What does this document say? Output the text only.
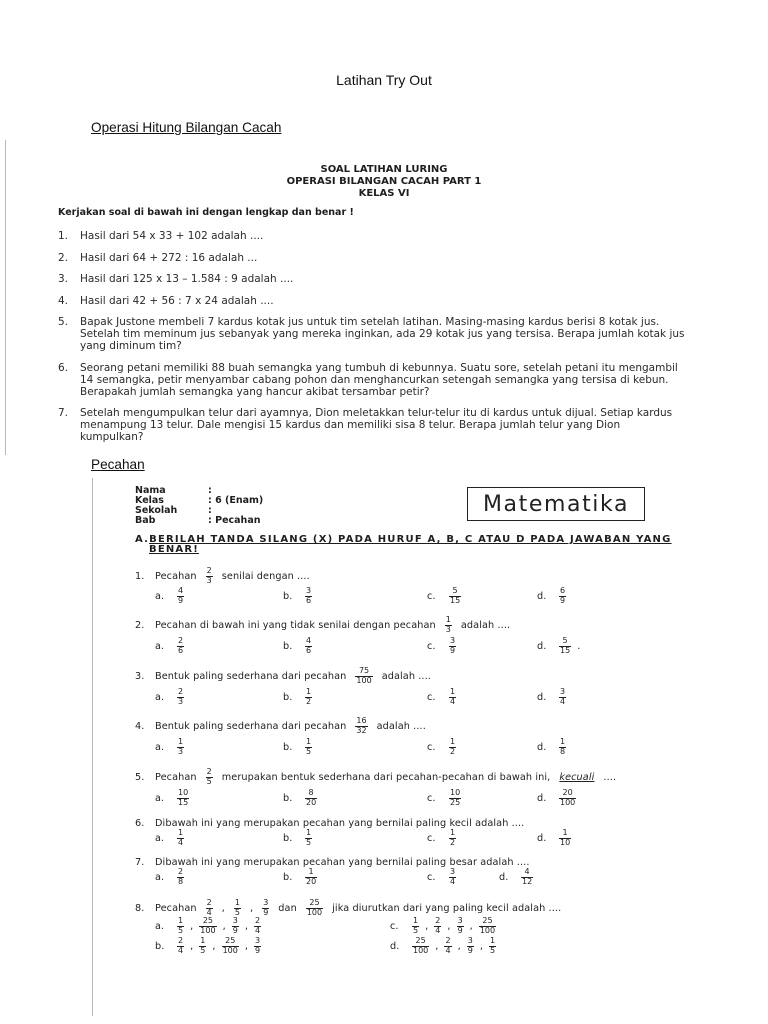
Latihan Try Out
Operasi Hitung Bilangan Cacah
SOAL LATIHAN LURING
OPERASI BILANGAN CACAH PART 1
KELAS VI
Kerjakan soal di bawah ini dengan lengkap dan benar !
1.	Hasil dari 54 x 33 + 102 adalah ....
2.	Hasil dari 64 + 272 : 16 adalah ...
3.	Hasil dari 125 x 13 – 1.584 : 9 adalah ....
4.	Hasil dari 42 + 56 : 7 x 24 adalah ....
5.	Bapak Justone membeli 7 kardus kotak jus untuk tim setelah latihan. Masing-masing kardus berisi 8 kotak jus.
Setelah tim meminum jus sebanyak yang mereka inginkan, ada 29 kotak jus yang tersisa. Berapa jumlah kotak jus
yang diminum tim?
6.	Seorang petani memiliki 88 buah semangka yang tumbuh di kebunnya. Suatu sore, setelah petani itu mengambil
14 semangka, petir menyambar cabang pohon dan menghancurkan setengah semangka yang tersisa di kebun.
Berapakah jumlah semangka yang hancur akibat tersambar petir?
7.	Setelah mengumpulkan telur dari ayamnya, Dion meletakkan telur-telur itu di kardus untuk dijual. Setiap kardus
menampung 13 telur. Dale mengisi 15 kardus dan memiliki sisa 8 telur. Berapa jumlah telur yang Dion
kumpulkan?
Pecahan
Nama	:
Kelas	: 6 (Enam)
Sekolah	:
Bab	: Pecahan
Matematika
A.BERILAH TANDA SILANG (X) PADA HURUF A, B, C ATAU D PADA JAWABAN YANG
BENAR!
1. Pecahan $\frac{2}{3}$ senilai dengan ....
a.	$\frac{4}{9}$	b.	$\frac{3}{6}$	c.	$\frac{5}{15}$	d.	$\frac{6}{9}$
2. Pecahan di bawah ini yang tidak senilai dengan pecahan $\frac{1}{3}$ adalah ....
a.	$\frac{2}{6}$	b.	$\frac{4}{6}$	c.	$\frac{3}{9}$	d.	$\frac{5}{15}$ .
3. Bentuk paling sederhana dari pecahan $\frac{75}{100}$ adalah ....
a.	$\frac{2}{3}$	b.	$\frac{1}{2}$	c.	$\frac{1}{4}$	d.	$\frac{3}{4}$
4. Bentuk paling sederhana dari pecahan $\frac{16}{32}$ adalah ....
a.	$\frac{1}{3}$	b.	$\frac{1}{5}$	c.	$\frac{1}{2}$	d.	$\frac{1}{8}$
5. Pecahan $\frac{2}{5}$ merupakan bentuk sederhana dari pecahan-pecahan di bawah ini, kecuali ....
a.	$\frac{10}{15}$	b.	$\frac{8}{20}$	c.	$\frac{10}{25}$	d.	$\frac{20}{100}$
6. Dibawah ini yang merupakan pecahan yang bernilai paling kecil adalah ....
a.	$\frac{1}{4}$	b.	$\frac{1}{5}$	c.	$\frac{1}{2}$	d.	$\frac{1}{10}$
7. Dibawah ini yang merupakan pecahan yang bernilai paling besar adalah ....
a.	$\frac{2}{8}$	b.	$\frac{1}{20}$	c.	$\frac{3}{4}$	d.	$\frac{4}{12}$
8. Pecahan $\frac{2}{4}$ , $\frac{1}{5}$ , $\frac{3}{9}$ dan $\frac{25}{100}$ jika diurutkan dari yang paling kecil adalah ....
a.	$\frac{1}{5}$ , $\frac{25}{100}$ , $\frac{3}{9}$ , $\frac{2}{4}$
b.	$\frac{2}{4}$ , $\frac{1}{5}$ , $\frac{25}{100}$ , $\frac{3}{9}$
c.	$\frac{1}{5}$ , $\frac{2}{4}$ , $\frac{3}{9}$ , $\frac{25}{100}$
d.	$\frac{25}{100}$ , $\frac{2}{4}$ , $\frac{3}{9}$ , $\frac{1}{5}$
